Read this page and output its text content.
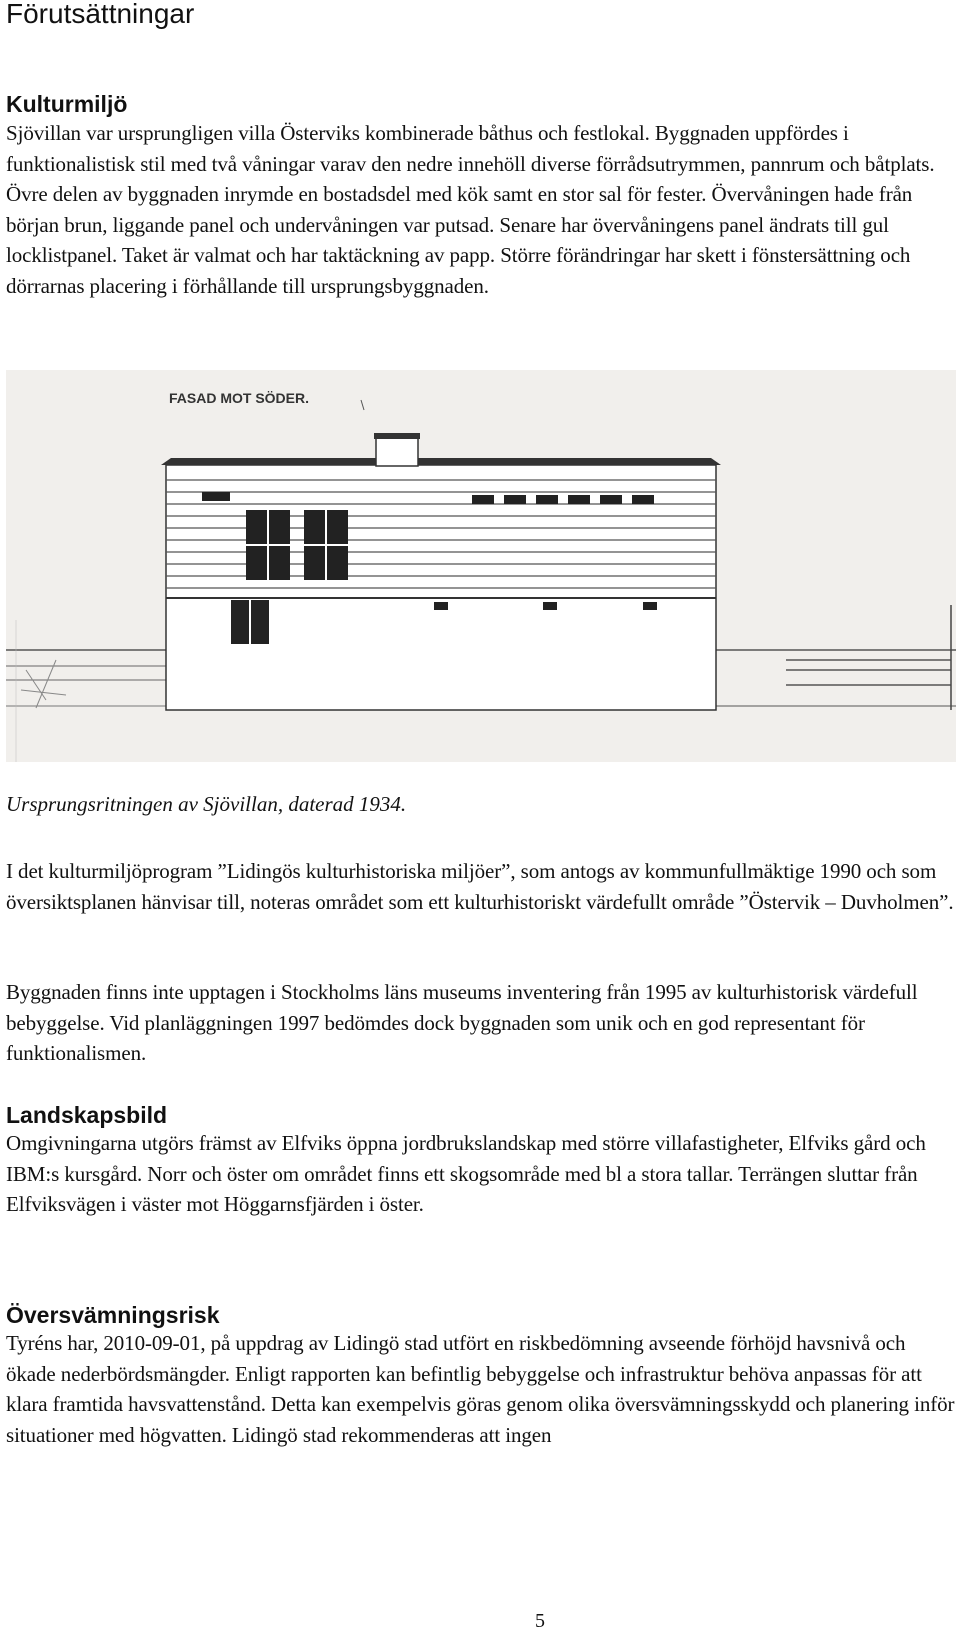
Förutsättningar
Kulturmiljö

Sjövillan var ursprungligen villa Österviks kombinerade båthus och festlokal. Byggnaden uppfördes i funktionalistisk stil med två våningar varav den nedre innehöll diverse förrådsutrymmen, pannrum och båtplats. Övre delen av byggnaden inrymde en bostadsdel med kök samt en stor sal för fester. Övervåningen hade från början brun, liggande panel och undervåningen var putsad. Senare har övervåningens panel ändrats till gul locklistpanel. Taket är valmat och har taktäckning av papp. Större förändringar har skett i fönstersättning och dörrarnas placering i förhållande till ursprungsbyggnaden.

FASAD MOT SÖDER.

Ursprungsritningen av Sjövillan, daterad 1934.

I det kulturmiljöprogram ”Lidingös kulturhistoriska miljöer”, som antogs av kommunfullmäktige 1990 och som översiktsplanen hänvisar till, noteras området som ett kulturhistoriskt värdefullt område ”Östervik – Duvholmen”.

Byggnaden finns inte upptagen i Stockholms läns museums inventering från 1995 av kulturhistorisk värdefull bebyggelse. Vid planläggningen 1997 bedömdes dock byggnaden som unik och en god representant för funktionalismen.

Landskapsbild

Omgivningarna utgörs främst av Elfviks öppna jordbrukslandskap med större villafastigheter, Elfviks gård och IBM:s kursgård. Norr och öster om området finns ett skogsområde med bl a stora tallar. Terrängen sluttar från Elfviksvägen i väster mot Höggarnsfjärden i öster.

Översvämningsrisk

Tyréns har, 2010-09-01, på uppdrag av Lidingö stad utfört en riskbedömning avseende förhöjd havsnivå och ökade nederbördsmängder. Enligt rapporten kan befintlig bebyggelse och infrastruktur behöva anpassas för att klara framtida havsvattenstånd. Detta kan exempelvis göras genom olika översvämningsskydd och planering inför situationer med högvatten. Lidingö stad rekommenderas att ingen

5
